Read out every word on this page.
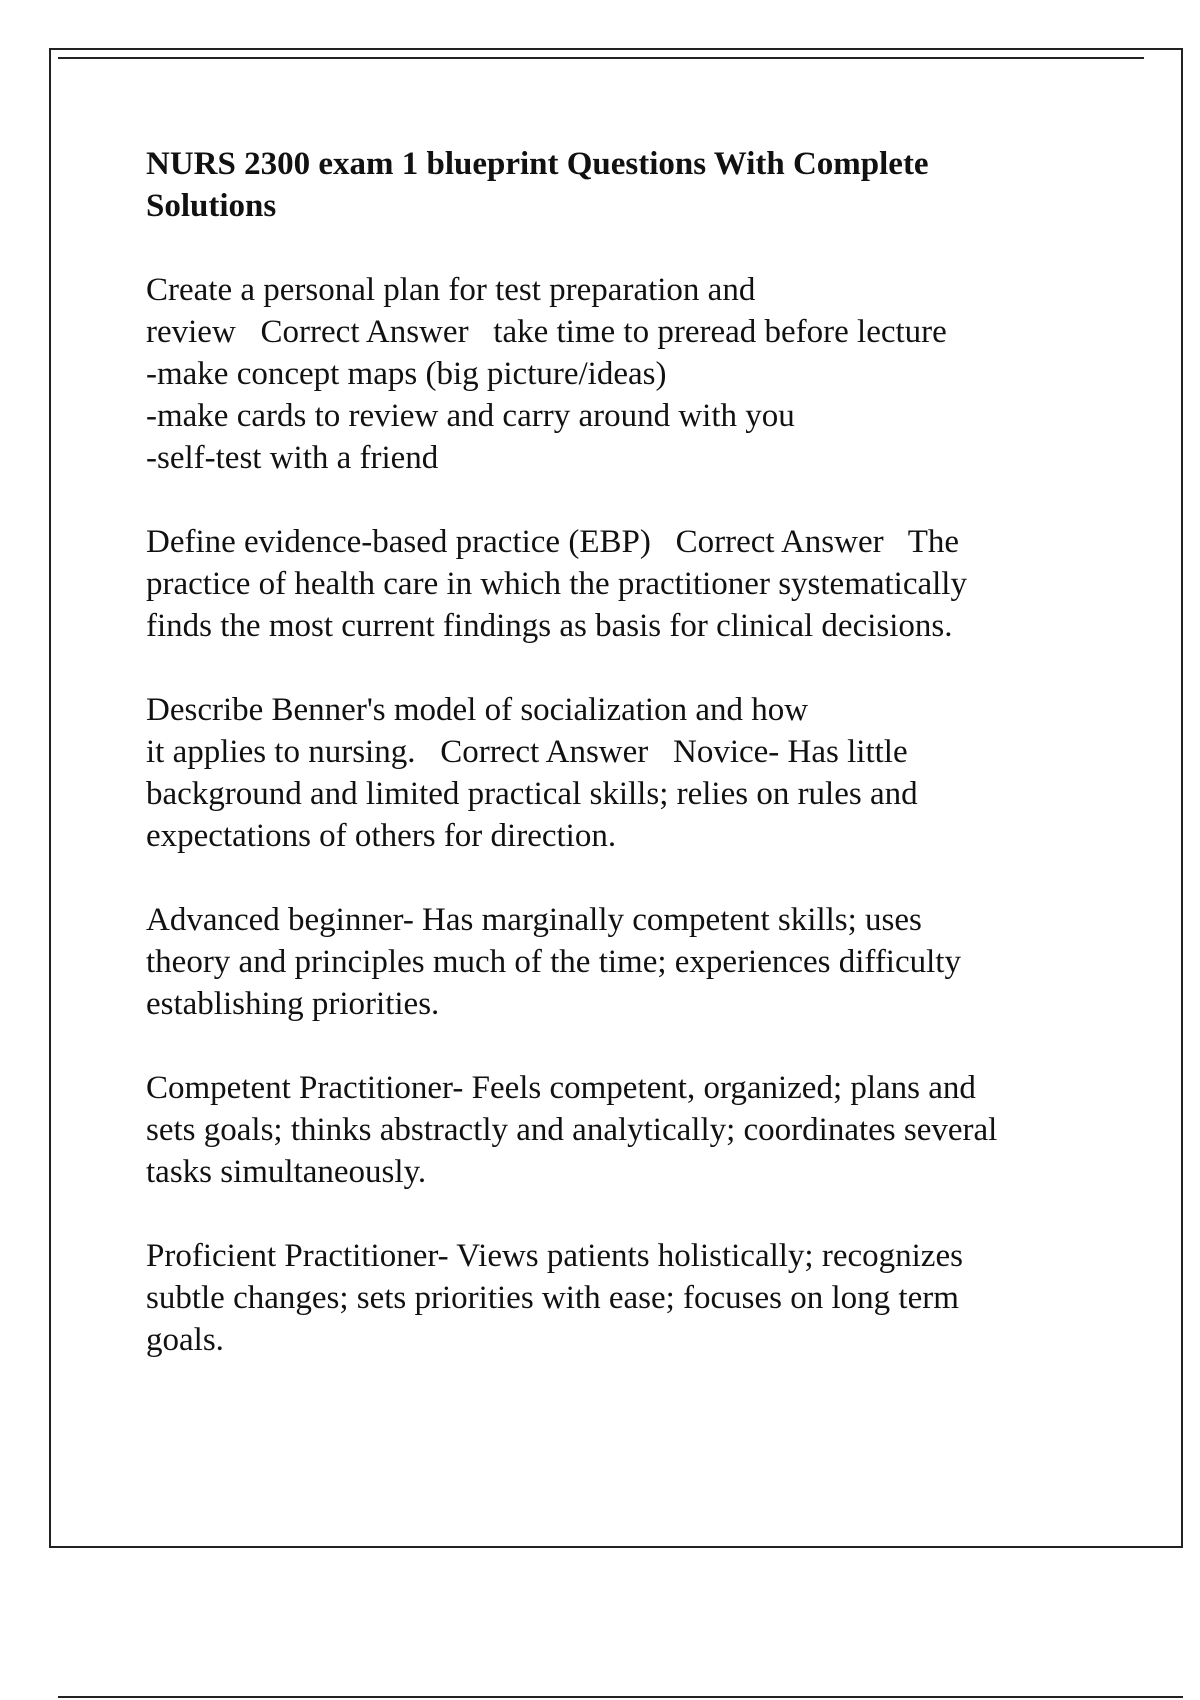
NURS 2300 exam 1 blueprint Questions With Complete
Solutions
Create a personal plan for test preparation and
review   Correct Answer   take time to preread before lecture
-make concept maps (big picture/ideas)
-make cards to review and carry around with you
-self-test with a friend
Define evidence-based practice (EBP)   Correct Answer   The
practice of health care in which the practitioner systematically
finds the most current findings as basis for clinical decisions.
Describe Benner's model of socialization and how
it applies to nursing.   Correct Answer   Novice- Has little
background and limited practical skills; relies on rules and
expectations of others for direction.
Advanced beginner- Has marginally competent skills; uses
theory and principles much of the time; experiences difficulty
establishing priorities.
Competent Practitioner- Feels competent, organized; plans and
sets goals; thinks abstractly and analytically; coordinates several
tasks simultaneously.
Proficient Practitioner- Views patients holistically; recognizes
subtle changes; sets priorities with ease; focuses on long term
goals.
